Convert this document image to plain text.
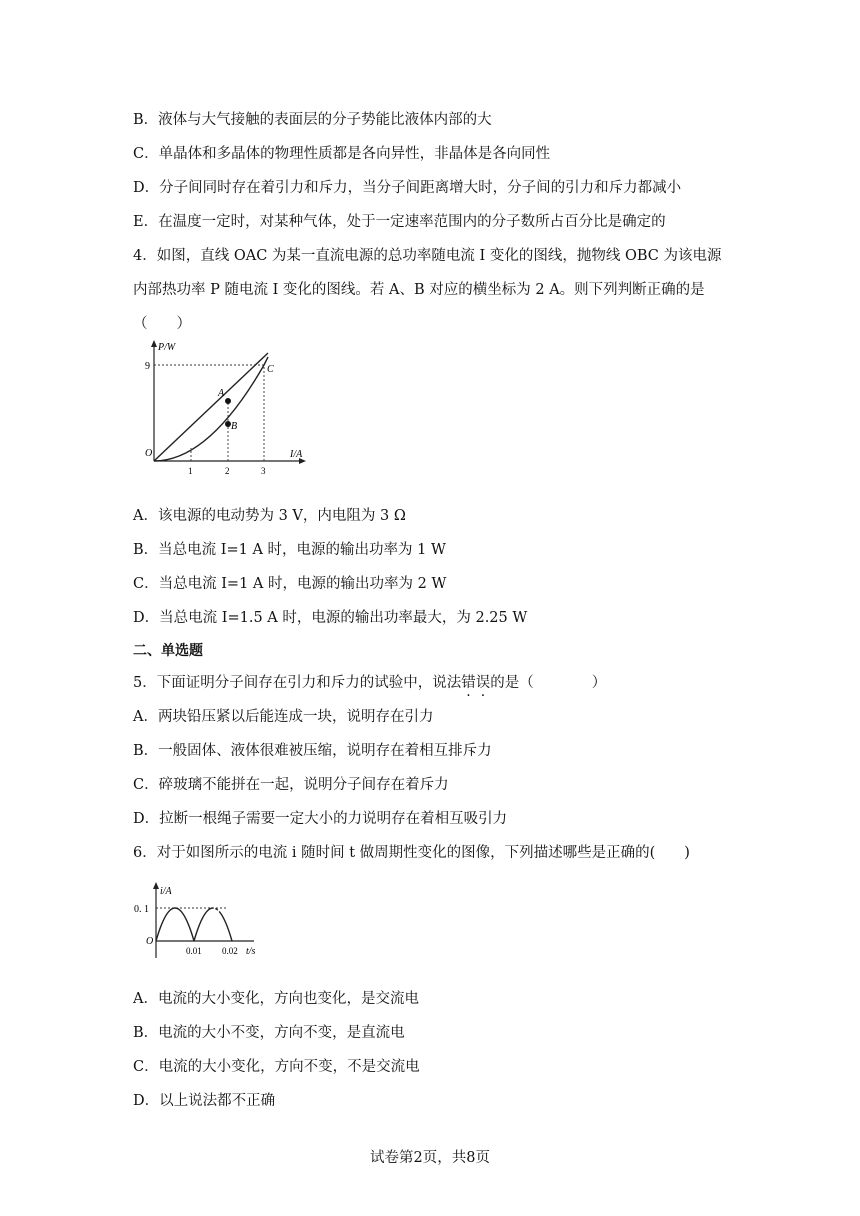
B．液体与大气接触的表面层的分子势能比液体内部的大
C．单晶体和多晶体的物理性质都是各向异性，非晶体是各向同性
D．分子间同时存在着引力和斥力，当分子间距离增大时，分子间的引力和斥力都减小
E．在温度一定时，对某种气体，处于一定速率范围内的分子数所占百分比是确定的
4．如图，直线 OAC 为某一直流电源的总功率随电流 I 变化的图线，抛物线 OBC 为该电源
内部热功率 P 随电流 I 变化的图线。若 A、B 对应的横坐标为 2 A。则下列判断正确的是
（　　）
P/W
9
O
1	2	3
I/A
A
B
C
A．该电源的电动势为 3 V，内电阻为 3 Ω
B．当总电流 I=1 A 时，电源的输出功率为 1 W
C．当总电流 I=1 A 时，电源的输出功率为 2 W
D．当总电流 I=1.5 A 时，电源的输出功率最大，为 2.25 W
二、单选题
5．下面证明分子间存在引力和斥力的试验中，说法错误的是（　　　　）
A．两块铅压紧以后能连成一块，说明存在引力
B．一般固体、液体很难被压缩，说明存在着相互排斥力
C．碎玻璃不能拼在一起，说明分子间存在着斥力
D．拉断一根绳子需要一定大小的力说明存在着相互吸引力
6．对于如图所示的电流 i 随时间 t 做周期性变化的图像，下列描述哪些是正确的(　　)
i/A
0. 1
O
0.01 0.02 t/s
A．电流的大小变化，方向也变化，是交流电
B．电流的大小不变，方向不变，是直流电
C．电流的大小变化，方向不变，不是交流电
D．以上说法都不正确
试卷第2页，共8页
